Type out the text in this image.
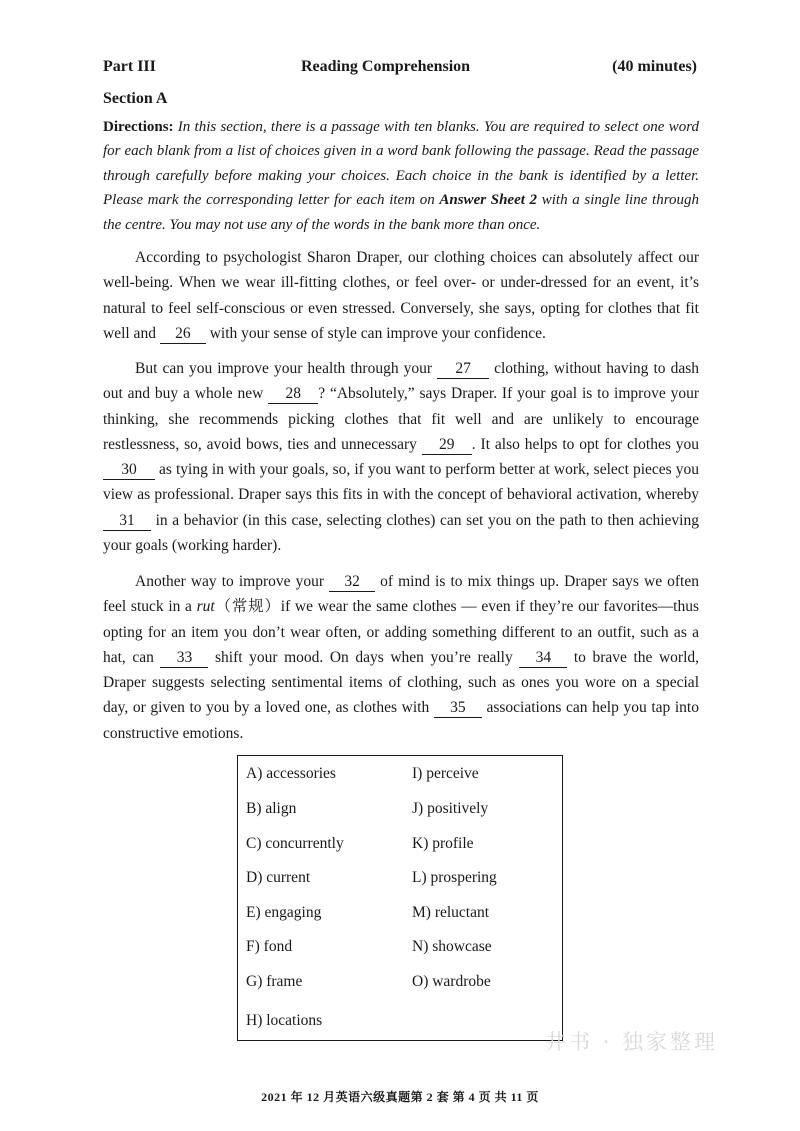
Part III	Reading Comprehension	(40 minutes)
Section A
Directions: In this section, there is a passage with ten blanks. You are required to select one word for each blank from a list of choices given in a word bank following the passage. Read the passage through carefully before making your choices. Each choice in the bank is identified by a letter. Please mark the corresponding letter for each item on Answer Sheet 2 with a single line through the centre. You may not use any of the words in the bank more than once.

According to psychologist Sharon Draper, our clothing choices can absolutely affect our well-being. When we wear ill-fitting clothes, or feel over- or under-dressed for an event, it’s natural to feel self-conscious or even stressed. Conversely, she says, opting for clothes that fit well and 26 with your sense of style can improve your confidence.

But can you improve your health through your 27 clothing, without having to dash out and buy a whole new 28 ? “Absolutely,” says Draper. If your goal is to improve your thinking, she recommends picking clothes that fit well and are unlikely to encourage restlessness, so, avoid bows, ties and unnecessary 29 . It also helps to opt for clothes you 30 as tying in with your goals, so, if you want to perform better at work, select pieces you view as professional. Draper says this fits in with the concept of behavioral activation, whereby 31 in a behavior (in this case, selecting clothes) can set you on the path to then achieving your goals (working harder).

Another way to improve your 32 of mind is to mix things up. Draper says we often feel stuck in a rut（常规）if we wear the same clothes — even if they’re our favorites—thus opting for an item you don’t wear often, or adding something different to an outfit, such as a hat, can 33 shift your mood. On days when you’re really 34 to brave the world, Draper suggests selecting sentimental items of clothing, such as ones you wore on a special day, or given to you by a loved one, as clothes with 35 associations can help you tap into constructive emotions.

A) accessories
B) align
C) concurrently
D) current
E) engaging
F) fond
G) frame
H) locations
I) perceive
J) positively
K) profile
L) prospering
M) reluctant
N) showcase
O) wardrobe
井书 · 独家整理
2021 年 12 月英语六级真题第 2 套 第 4 页 共 11 页
